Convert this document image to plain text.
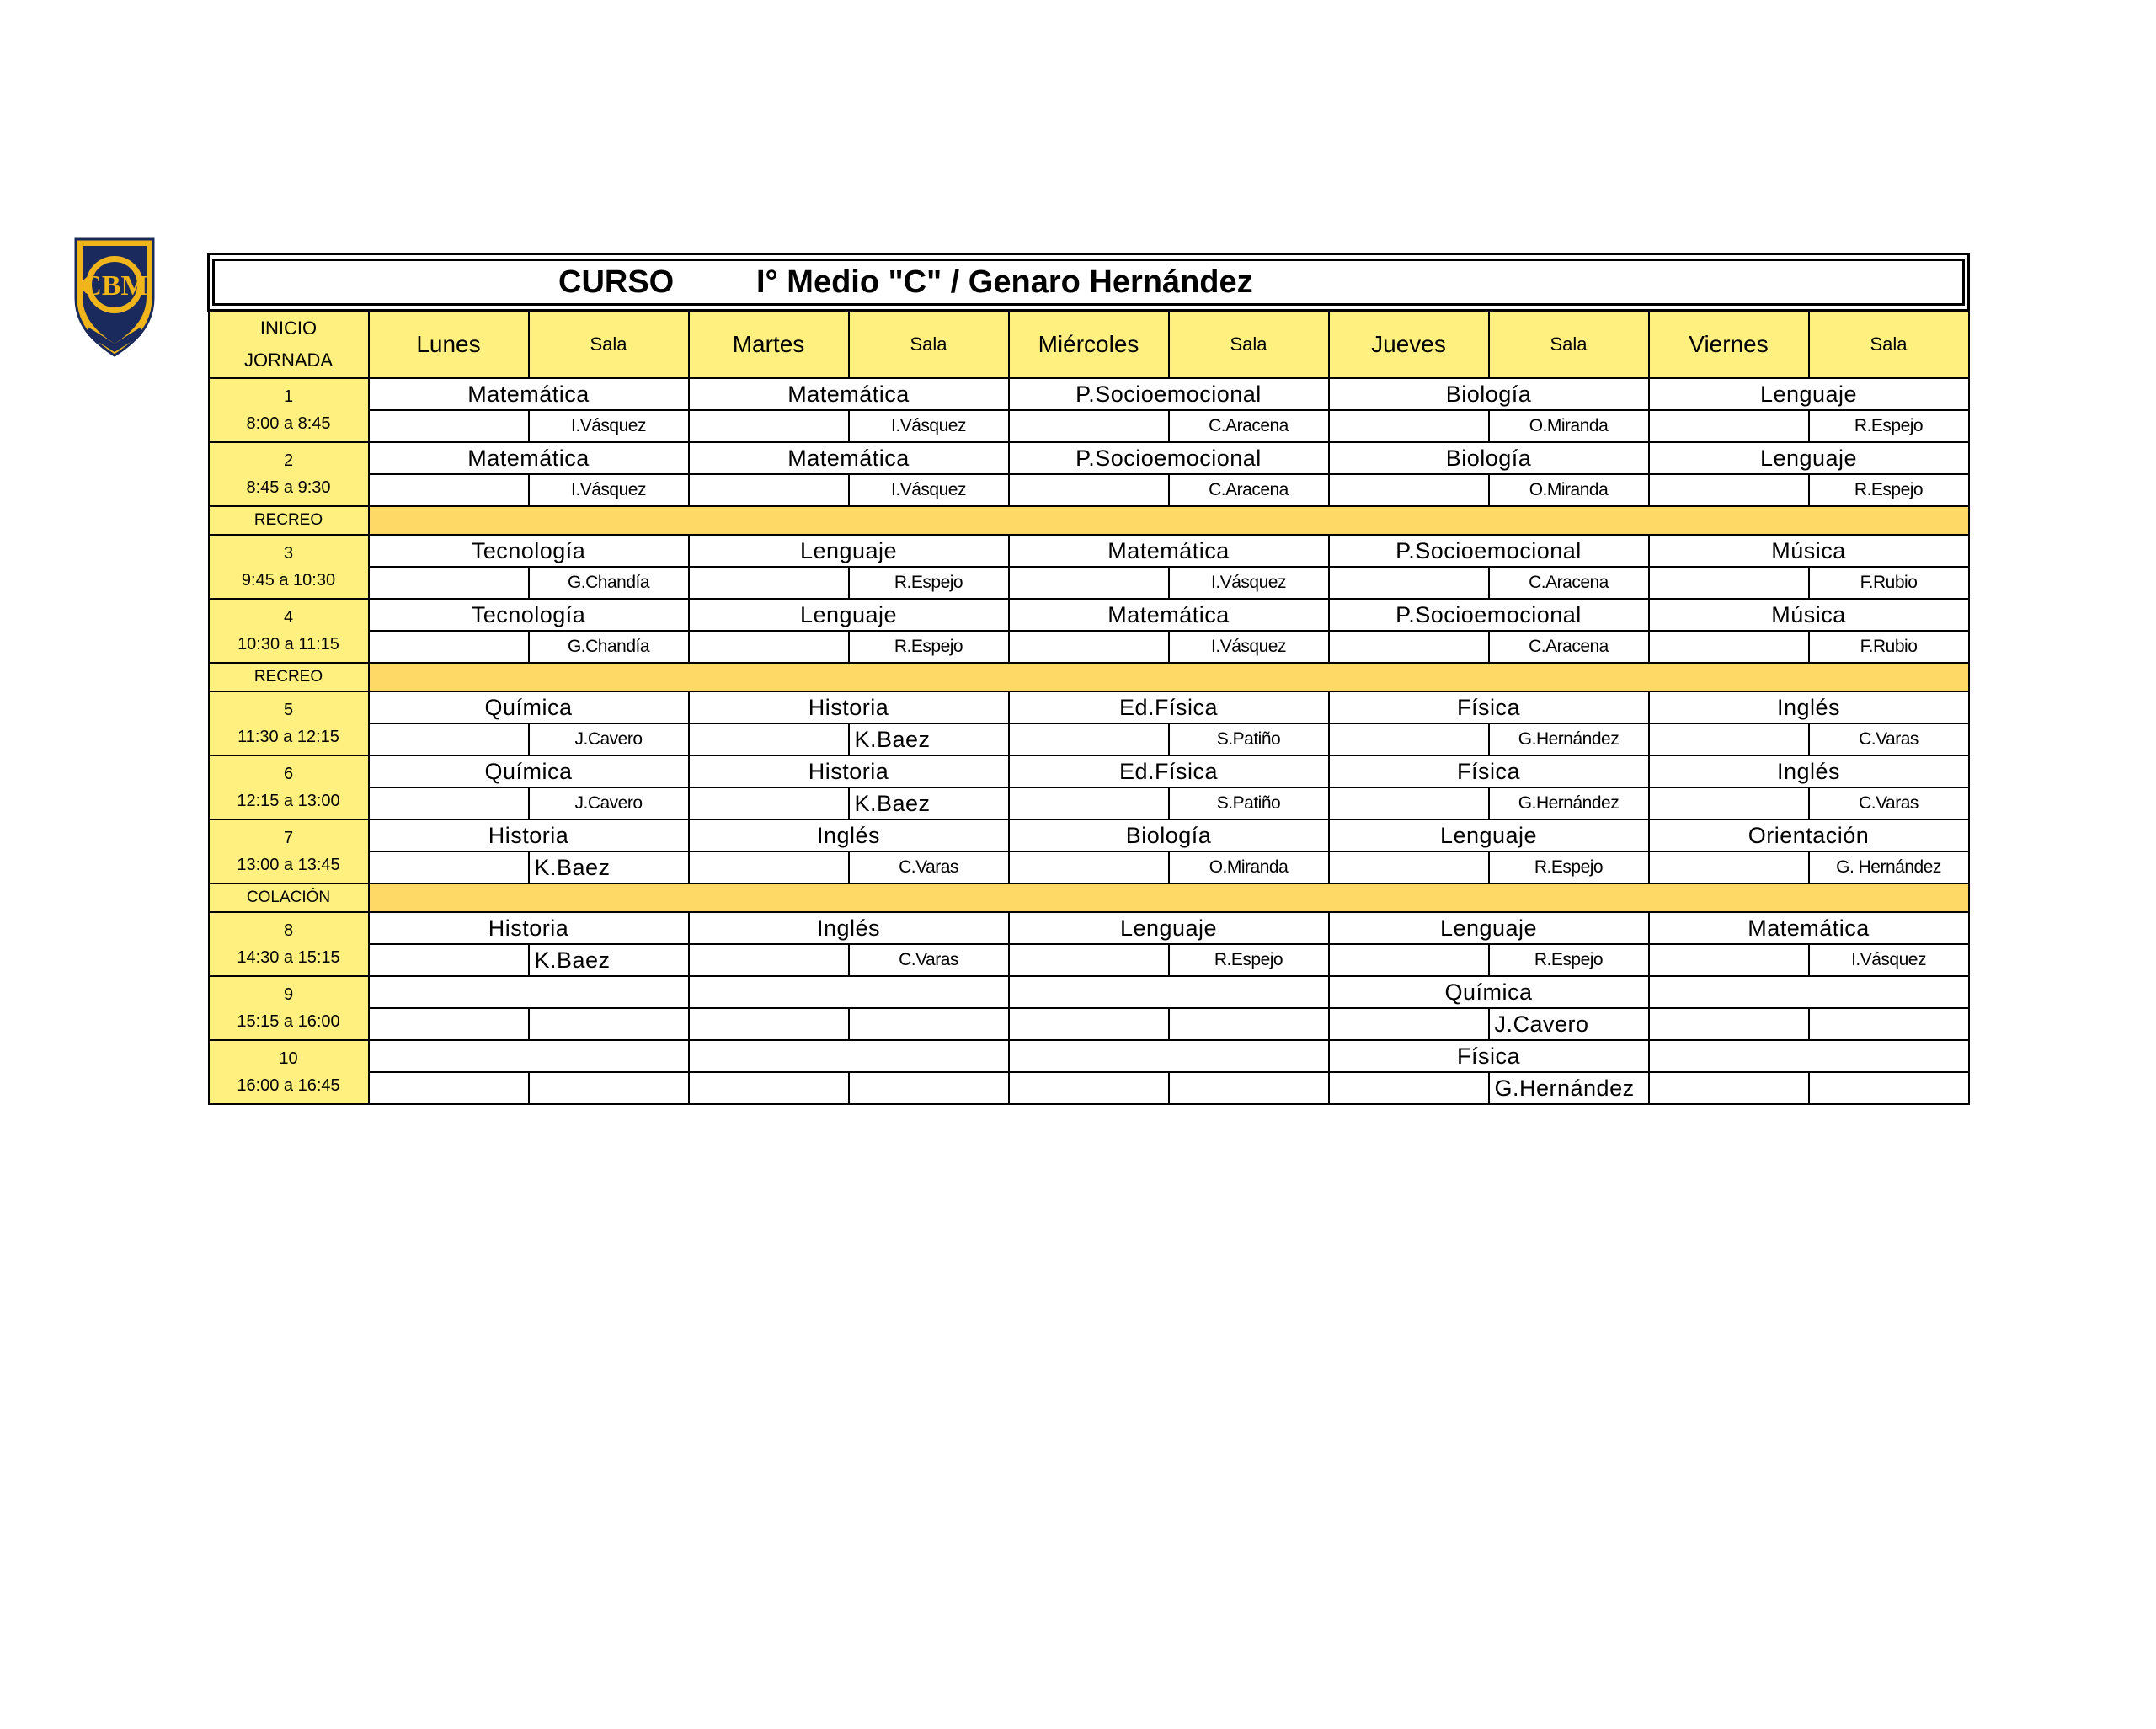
CBM	CURSO I° Medio "C" / Genaro Hernández										

INICIO
JORNADA	Lunes	Sala	Martes	Sala	Miércoles	Sala	Jueves	Sala	Viernes	Sala
1
8:00 a 8:45	Matemática		Matemática		P.Socioemocional		Biología		Lenguaje	
		I.Vásquez		I.Vásquez		C.Aracena		O.Miranda		R.Espejo
2
8:45 a 9:30	Matemática		Matemática		P.Socioemocional		Biología		Lenguaje	
		I.Vásquez		I.Vásquez		C.Aracena		O.Miranda		R.Espejo
RECREO										
3
9:45 a 10:30	Tecnología		Lenguaje		Matemática		P.Socioemocional		Música	
		G.Chandía		R.Espejo		I.Vásquez		C.Aracena		F.Rubio
4
10:30 a 11:15	Tecnología		Lenguaje		Matemática		P.Socioemocional		Música	
		G.Chandía		R.Espejo		I.Vásquez		C.Aracena		F.Rubio
RECREO										
5
11:30 a 12:15	Química		Historia		Ed.Física		Física		Inglés	
		J.Cavero		K.Baez		S.Patiño		G.Hernández		C.Varas
6
12:15 a 13:00	Química		Historia		Ed.Física		Física		Inglés	
		J.Cavero		K.Baez		S.Patiño		G.Hernández		C.Varas
7
13:00 a 13:45	Historia		Inglés		Biología		Lenguaje		Orientación	
		K.Baez		C.Varas		O.Miranda		R.Espejo		G. Hernández
COLACIÓN										
8
14:30 a 15:15	Historia		Inglés		Lenguaje		Lenguaje		Matemática	
		K.Baez		C.Varas		R.Espejo		R.Espejo		I.Vásquez
9
15:15 a 16:00							Química			
								J.Cavero		
10
16:00 a 16:45							Física			
								G.Hernández		
